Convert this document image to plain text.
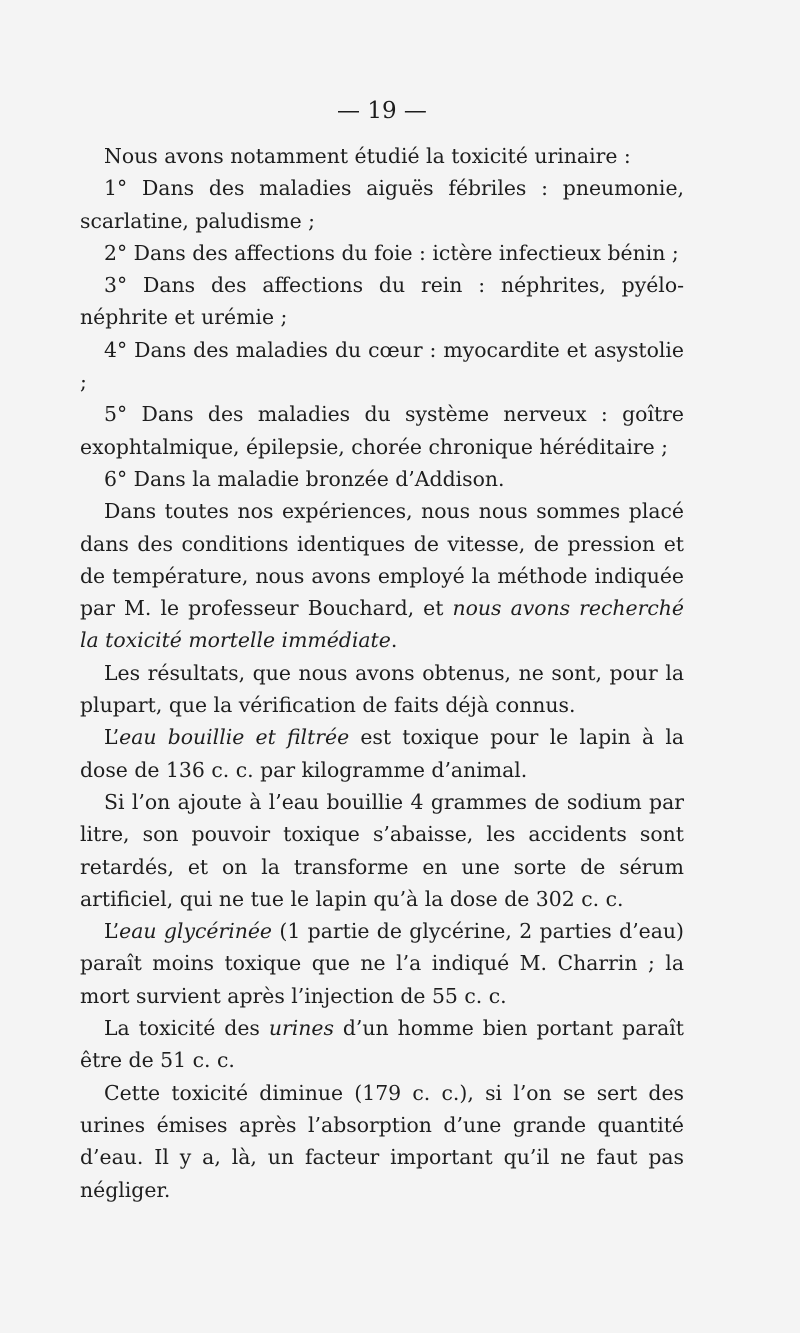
— 19 —

Nous avons notamment étudié la toxicité urinaire :

1° Dans des maladies aiguës fébriles : pneumonie, scarlatine, paludisme ;

2° Dans des affections du foie : ictère infectieux bénin ;

3° Dans des affections du rein : néphrites, pyélo-néphrite et urémie ;

4° Dans des maladies du cœur : myocardite et asystolie ;

5° Dans des maladies du système nerveux : goître exophtalmique, épilepsie, chorée chronique héréditaire ;

6° Dans la maladie bronzée d’Addison.

Dans toutes nos expériences, nous nous sommes placé dans des conditions identiques de vitesse, de pression et de température, nous avons employé la méthode indiquée par M. le professeur Bouchard, et nous avons recherché la toxicité mortelle immédiate.

Les résultats, que nous avons obtenus, ne sont, pour la plupart, que la vérification de faits déjà connus.

L’eau bouillie et filtrée est toxique pour le lapin à la dose de 136 c. c. par kilogramme d’animal.

Si l’on ajoute à l’eau bouillie 4 grammes de sodium par litre, son pouvoir toxique s’abaisse, les accidents sont retardés, et on la transforme en une sorte de sérum artificiel, qui ne tue le lapin qu’à la dose de 302 c. c.

L’eau glycérinée (1 partie de glycérine, 2 parties d’eau) paraît moins toxique que ne l’a indiqué M. Charrin ; la mort survient après l’injection de 55 c. c.

La toxicité des urines d’un homme bien portant paraît être de 51 c. c.

Cette toxicité diminue (179 c. c.), si l’on se sert des urines émises après l’absorption d’une grande quantité d’eau. Il y a, là, un facteur important qu’il ne faut pas négliger.
